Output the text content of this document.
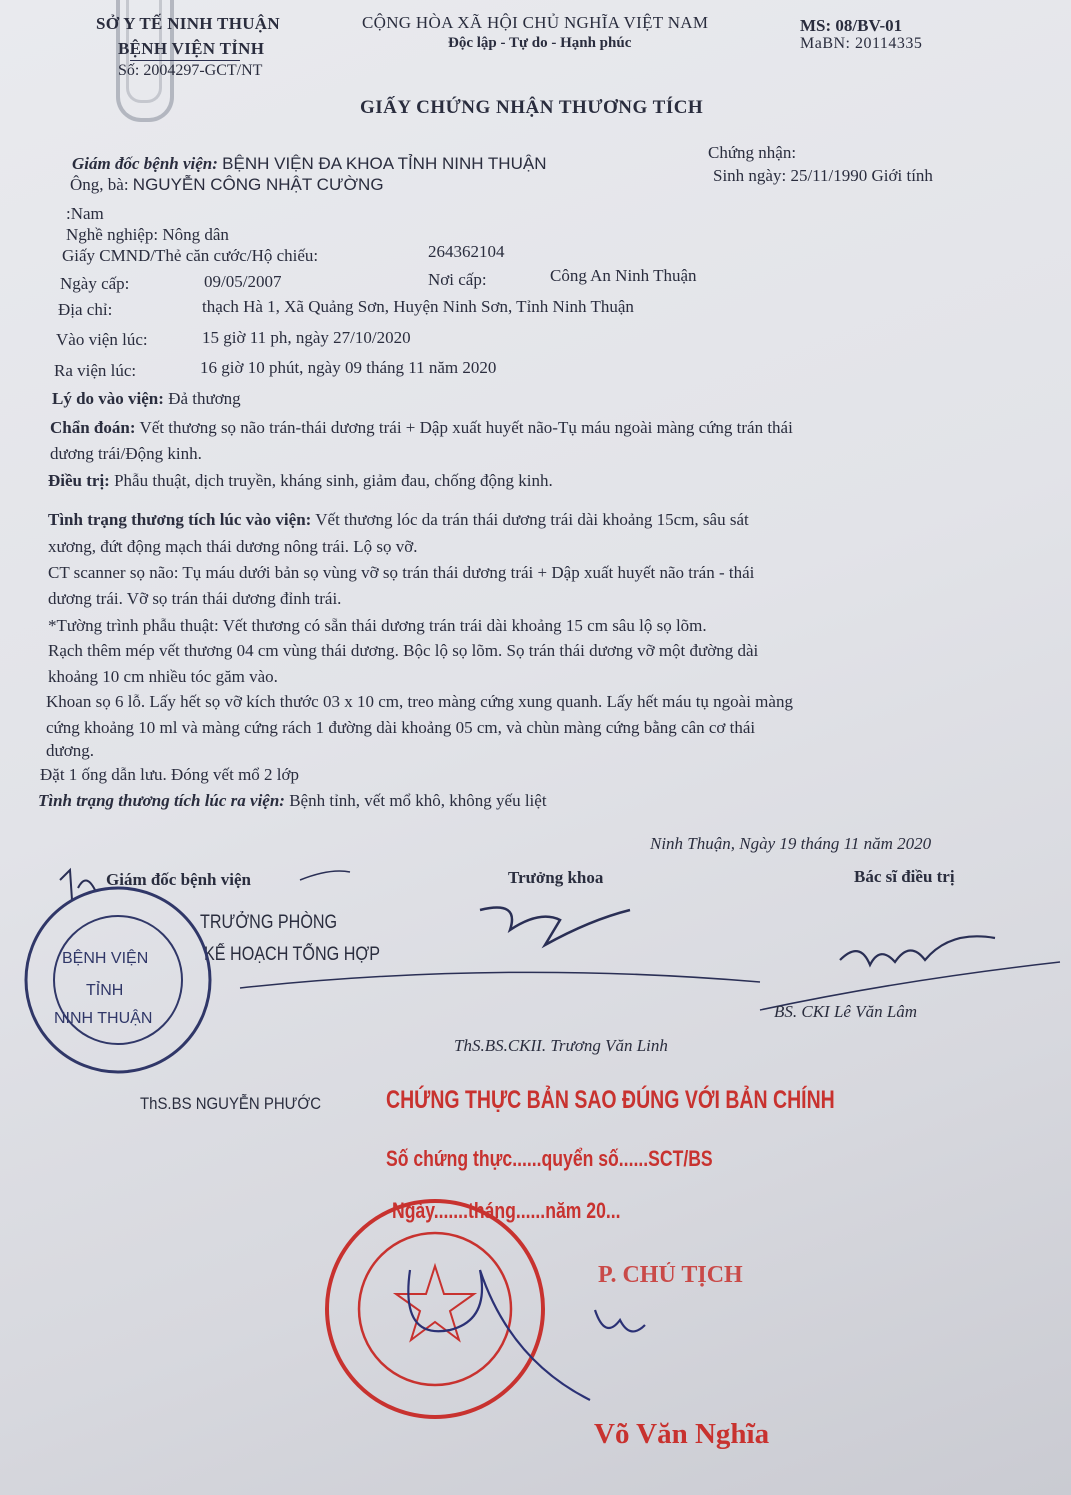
SỞ Y TẾ NINH THUẬN
BỆNH VIỆN TỈNH
Số: 2004297-GCT/NT
CỘNG HÒA XÃ HỘI CHỦ NGHĨA VIỆT NAM
Độc lập - Tự do - Hạnh phúc
MS: 08/BV-01
MaBN: 20114335
GIẤY CHỨNG NHẬN THƯƠNG TÍCH
Giám đốc bệnh viện: BỆNH VIỆN ĐA KHOA TỈNH NINH THUẬN
Chứng nhận:
Ông, bà: NGUYỄN CÔNG NHẬT CƯỜNG	Sinh ngày: 25/11/1990 Giới tính
:Nam
Nghề nghiệp: Nông dân
Giấy CMND/Thẻ căn cước/Hộ chiếu:	264362104
Ngày cấp:	09/05/2007	Nơi cấp:	Công An Ninh Thuận
Địa chỉ:	thạch Hà 1, Xã Quảng Sơn, Huyện Ninh Sơn, Tỉnh Ninh Thuận
Vào viện lúc:	15 giờ 11 ph, ngày 27/10/2020
Ra viện lúc:	16 giờ 10 phút, ngày 09 tháng 11 năm 2020
Lý do vào viện: Đả thương
Chẩn đoán: Vết thương sọ não trán-thái dương trái + Dập xuất huyết não-Tụ máu ngoài màng cứng trán thái
dương trái/Động kinh.
Điều trị: Phẫu thuật, dịch truyền, kháng sinh, giảm đau, chống động kinh.
Tình trạng thương tích lúc vào viện: Vết thương lóc da trán thái dương trái dài khoảng 15cm, sâu sát
xương, đứt động mạch thái dương nông trái. Lộ sọ vỡ.
CT scanner sọ não: Tụ máu dưới bản sọ vùng vỡ sọ trán thái dương trái + Dập xuất huyết não trán - thái
dương trái. Vỡ sọ trán thái dương đỉnh trái.
*Tường trình phẫu thuật: Vết thương có sẵn thái dương trán trái dài khoảng 15 cm sâu lộ sọ lõm.
Rạch thêm mép vết thương 04 cm vùng thái dương. Bộc lộ sọ lõm. Sọ trán thái dương vỡ một đường dài
khoảng 10 cm nhiều tóc găm vào.
Khoan sọ 6 lỗ. Lấy hết sọ vỡ kích thước 03 x 10 cm, treo màng cứng xung quanh. Lấy hết máu tụ ngoài màng
cứng khoảng 10 ml và màng cứng rách 1 đường dài khoảng 05 cm, và chùn màng cứng bằng cân cơ thái
dương.
Đặt 1 ống dẫn lưu. Đóng vết mổ 2 lớp
Tình trạng thương tích lúc ra viện: Bệnh tỉnh, vết mổ khô, không yếu liệt
Ninh Thuận, Ngày 19 tháng 11 năm 2020
Giám đốc bệnh viện	Trưởng khoa	Bác sĩ điều trị
TRƯỞNG PHÒNG
KẾ HOẠCH TỔNG HỢP
ThS.BS.CKII. Trương Văn Linh
BS. CKI Lê Văn Lâm
ThS.BS NGUYỄN PHƯỚC
BỆNH VIỆN
TỈNH
NINH THUẬN
CHỨNG THỰC BẢN SAO ĐÚNG VỚI BẢN CHÍNH
Số chứng thực......quyển số......SCT/BS
Ngày.......tháng......năm 20...
P. CHỦ TỊCH
Võ Văn Nghĩa
